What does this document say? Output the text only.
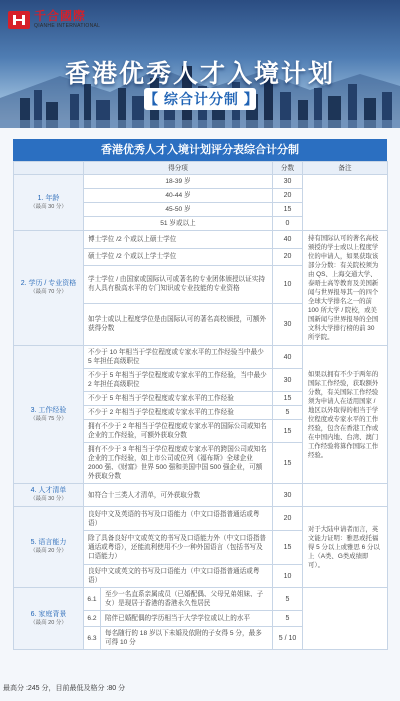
千合國際
QIANHE INTERNATIONAL
香港优秀人才入境计划
【 综合计分制 】
香港优秀人才入境计划评分表综合计分制
	得分项		分数	备注

1. 年龄
（最高 30 分）	18-39 岁		30	
	40-44 岁		20	
	45-50 岁		15	
	51 岁或以上		0	

2. 学历 / 专业资格
（最高 70 分）	博士学位 /2 个或以上硕士学位		40	持有国际认可的著名高校颁授的学士或以上程度学位的申请人，如果获取该部分分数：有关院校须为由 QS、上海交通大学、泰晤士高等教育及美国新闻与世界报导其一的四个全球大学排名之一的前 100 所大学 / 院校，或美国新闻与世界报导的全国文科大学排行榜的前 30 所学院。
	硕士学位 /2 个或以上学士学位		20	
	学士学位 / 由国家或国际认可或著名的专业团体颁授以证实持有人具有极高水平的专门知识或专业技能的专业资格		10	
	如学士或以上程度学位是由国际认可的著名高校颁授，可额外获得分数		30	

3. 工作经验
（最高 75 分）	不少于 10 年相当于学位程度或专家水平的工作经验当中最少 5 年担任高级职位		40	如果以拥有不少于两年的国际工作经验，获取额外分数，有关国际工作经验须为申请人在适用国家 / 地区以外取得的相当于学位程度或专家水平的工作经验，包含在香港工作或在中国内地、台湾、澳门工作经验将算作国际工作经验。
	不少于 5 年相当于学位程度或专家水平的工作经验，当中最少 2 年担任高级职位		30	
	不少于 5 年相当于学位程度或专家水平的工作经验		15	
	不少于 2 年相当于学位程度或专家水平的工作经验		5	
	拥有不少于 2 年相当于学位程度或专家水平的国际公司或知名企业的工作经验，可额外获取分数		15	
	拥有不少于 3 年相当于学位程度或专家水平的跨国公司或知名企业的工作经验，如上市公司或位列《福布斯》全球企业 2000 强、《财富》世界 500 强和美国中国 500 强企业，可额外获取分数		15	

4. 人才清单
（最高 30 分）	如符合十三类人才清单，可外获取分数		30	

5. 语言能力
（最高 20 分）	良好中文及英语的书写及口语能力（中文口语指普通话或粤语）		20	对于大陆申请者而言，英文能力证明：雅思或托福得 5 分以上或雅思 6 分以上（A类、G类成绩即可）。
	除了具备良好中文或英文的书写及口语能力外（中文口语指普通话或粤语），还能流利使用不少一种外国语言（包括书写及口语能力）		15	
	良好中文或英文的书写及口语能力（中文口语指普通话或粤语）		10	

6. 家庭背景
（最高 20 分）	6.1	至少一名直系亲属成员（已婚配偶、父母兄弟姐妹、子女）是现居于香港的香港永久性居民	5	
	6.2	陪伴已婚配偶的学历相当于大学学位或以上的水平	5	
	6.3	每名随行的 18 岁以下未婚及依附的子女得 5 分，最多可得 10 分	5 / 10	
最高分 :245 分，目前最低及格分 :80 分
